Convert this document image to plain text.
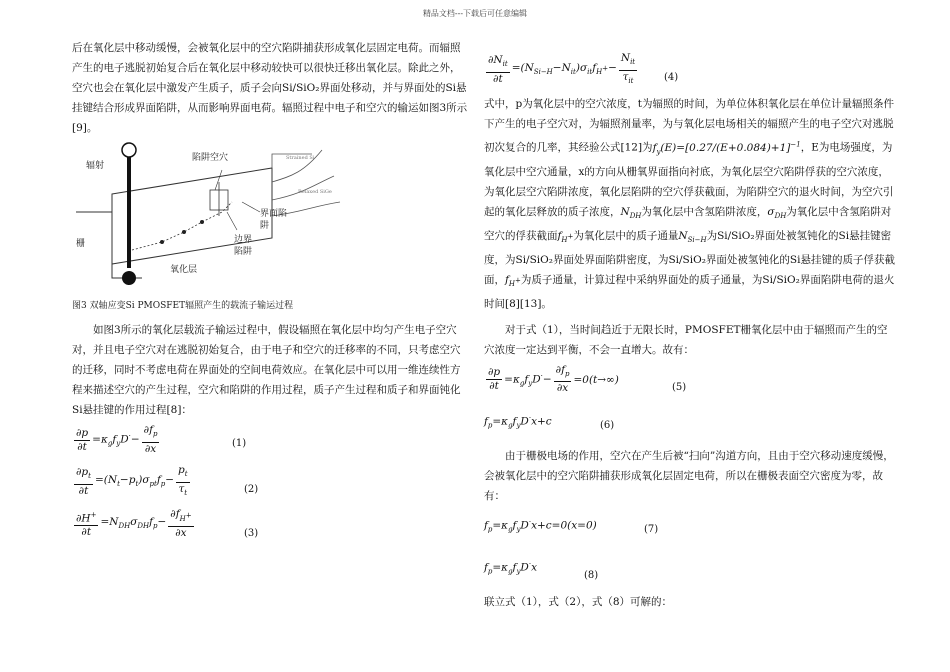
精品文档---下载后可任意编辑

后在氧化层中移动缓慢，会被氧化层中的空穴陷阱捕获形成氧化层固定电荷。而辐照产生的电子逃脱初始复合后在氧化层中移动较快可以很快迁移出氧化层。除此之外，空穴也会在氧化层中激发产生质子，质子会向Si/SiO₂界面处移动，并与界面处的Si悬挂键结合形成界面陷阱，从而影响界面电荷。辐照过程中电子和空穴的输运如图3所示[9]。

辐射
陷阱空穴
栅
氧化层
边界陷阱
界面陷阱
Strained Si
Relaxed SiGe

图3 双轴应变Si PMOSFET辐照产生的载流子输运过程

如图3所示的氧化层载流子输运过程中，假设辐照在氧化层中均匀产生电子空穴对，并且电子空穴对在逃脱初始复合，由于电子和空穴的迁移率的不同，只考虑空穴的迁移，同时不考虑电荷在界面处的空间电荷效应。在氧化层中可以用一维连续性方程来描述空穴的产生过程，空穴和陷阱的作用过程，质子产生过程和质子和界面钝化Si悬挂键的作用过程[8]：

$\frac{\partial p}{\partial t} =\kappa_gf_yD^\cdot- \frac{\partial f_p}{\partial x}$	(1)
$\frac{\partial p_t}{\partial t} =(N_t-p_t)\sigma_{pt}f_p- \frac{p_t}{\tau_t}$	(2)
$\frac{\partial H^+}{\partial t} =N_{DH}\sigma_{DH}f_p- \frac{\partial f_{H^+}}{\partial x}$	(3)
$\frac{\partial N_{it}}{\partial t} =(N_{Si-H}-N_{it})\sigma_{it}f_{H^+}- \frac{N_{it}}{\tau_{it}}$	(4)

式中，p为氧化层中的空穴浓度，t为辐照的时间，为单位体积氧化层在单位计量辐照条件下产生的电子空穴对，为辐照剂量率，为与氧化层电场相关的辐照产生的电子空穴对逃脱初次复合的几率，其经验公式[12]为$f_y(E)=[0.27/(E+0.084)+1]^{-1}$，E为电场强度，为氧化层中空穴通量，x的方向从栅氧界面指向衬底，为氧化层空穴陷阱俘获的空穴浓度，为氧化层空穴陷阱浓度，氧化层陷阱的空穴俘获截面，为陷阱空穴的退火时间，为空穴引起的氧化层释放的质子浓度，$N_{DH}$为氧化层中含氢陷阱浓度，$\sigma_{DH}$为氧化层中含氢陷阱对空穴的俘获截面$f_{H^+}$为氧化层中的质子通量$N_{Si-H}$为Si/SiO₂界面处被氢钝化的Si悬挂键密度，为Si/SiO₂界面处界面陷阱密度，为Si/SiO₂界面处被氢钝化的Si悬挂键的质子俘获截面，$f_{H^+}$为质子通量，计算过程中采纳界面处的质子通量，为Si/SiO₂界面陷阱电荷的退火时间[8][13]。

对于式（1），当时间趋近于无限长时，PMOSFET栅氧化层中由于辐照而产生的空穴浓度一定达到平衡，不会一直增大。故有：

$\frac{\partial p}{\partial t} =\kappa_gf_yD^\cdot- \frac{\partial f_p}{\partial x} =0(t\to\infty)$
(5)
$f_p=\kappa_gf_yD^\cdot x+c$	(6)

由于栅极电场的作用，空穴在产生后被“扫向”沟道方向，且由于空穴移动速度缓慢，会被氧化层中的空穴陷阱捕获形成氧化层固定电荷，所以在栅极表面空穴密度为零，故有：

$f_p=\kappa_gf_yD^\cdot x+c=0(x=0)$	(7)
$f_p=\kappa_gf_yD^\cdot x$
(8)

联立式（1），式（2），式（8）可解的：
